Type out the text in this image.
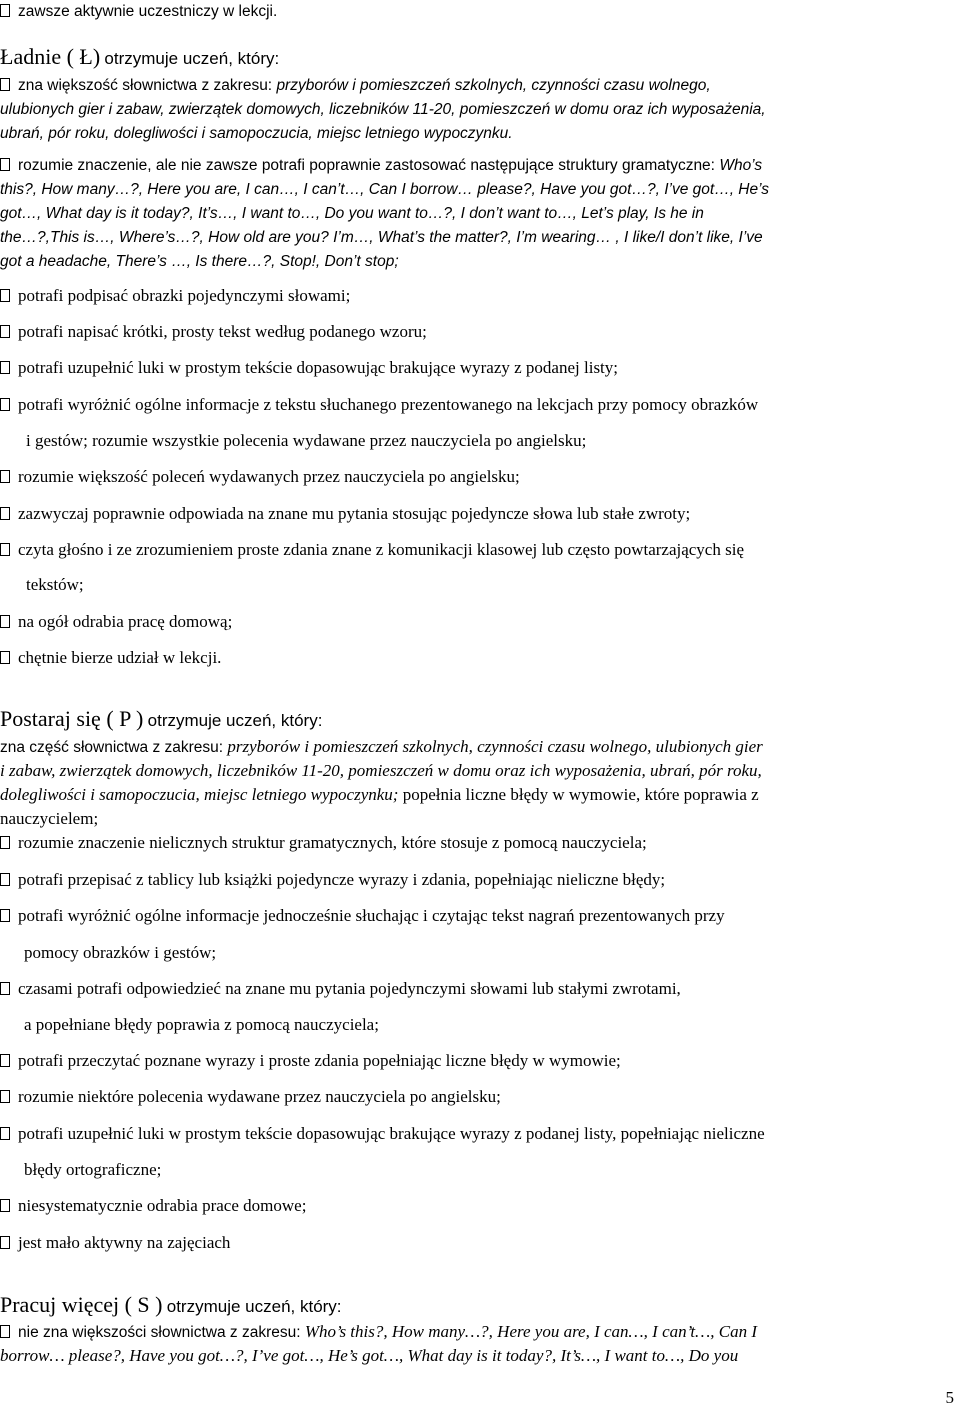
zawsze aktywnie uczestniczy w lekcji.
Ładnie ( Ł) otrzymuje uczeń, który:
zna większość słownictwa z zakresu: przyborów i pomieszczeń szkolnych, czynności czasu wolnego,
ulubionych gier i zabaw, zwierzątek domowych, liczebników 11-20, pomieszczeń w domu oraz ich wyposażenia,
ubrań, pór roku, dolegliwości i samopoczucia, miejsc letniego wypoczynku.
rozumie znaczenie, ale nie zawsze potrafi poprawnie zastosować następujące struktury gramatyczne: Who’s
this?, How many…?, Here you are, I can…, I can’t…, Can I borrow… please?, Have you got…?, I’ve got…, He’s
got…, What day is it today?, It’s…, I want to…, Do you want to…?, I don’t want to…, Let’s play, Is he in
the…?,This is…, Where’s…?, How old are you? I’m…, What’s the matter?, I’m wearing… , I like/I don’t like, I’ve
got a headache, There’s …, Is there…?, Stop!, Don’t stop;
potrafi podpisać obrazki pojedynczymi słowami;
potrafi napisać krótki, prosty tekst według podanego wzoru;
potrafi uzupełnić luki w prostym tekście dopasowując brakujące wyrazy z podanej listy;
potrafi wyróżnić ogólne informacje z tekstu słuchanego prezentowanego na lekcjach przy pomocy obrazków
i gestów; rozumie wszystkie polecenia wydawane przez nauczyciela po angielsku;
rozumie większość poleceń wydawanych przez nauczyciela po angielsku;
zazwyczaj poprawnie odpowiada na znane mu pytania stosując pojedyncze słowa lub stałe zwroty;
czyta głośno i ze zrozumieniem proste zdania znane z komunikacji klasowej lub często powtarzających się
tekstów;
na ogół odrabia pracę domową;
chętnie bierze udział w lekcji.
Postaraj się ( P ) otrzymuje uczeń, który:
zna część słownictwa z zakresu: przyborów i pomieszczeń szkolnych, czynności czasu wolnego, ulubionych gier
i zabaw, zwierzątek domowych, liczebników 11-20, pomieszczeń w domu oraz ich wyposażenia, ubrań, pór roku,
dolegliwości i samopoczucia, miejsc letniego wypoczynku; popełnia liczne błędy w wymowie, które poprawia z
nauczycielem;
rozumie znaczenie nielicznych struktur gramatycznych, które stosuje z pomocą nauczyciela;
potrafi przepisać z tablicy lub książki pojedyncze wyrazy i zdania, popełniając nieliczne błędy;
potrafi wyróżnić ogólne informacje jednocześnie słuchając i czytając tekst nagrań prezentowanych przy
pomocy obrazków i gestów;
czasami potrafi odpowiedzieć na znane mu pytania pojedynczymi słowami lub stałymi zwrotami,
a popełniane błędy poprawia z pomocą nauczyciela;
potrafi przeczytać poznane wyrazy i proste zdania popełniając liczne błędy w wymowie;
rozumie niektóre polecenia wydawane przez nauczyciela po angielsku;
potrafi uzupełnić luki w prostym tekście dopasowując brakujące wyrazy z podanej listy, popełniając nieliczne
błędy ortograficzne;
niesystematycznie odrabia prace domowe;
jest mało aktywny na zajęciach
Pracuj więcej ( S ) otrzymuje uczeń, który:
nie zna większości słownictwa z zakresu: Who’s this?, How many…?, Here you are, I can…, I can’t…, Can I
borrow… please?, Have you got…?, I’ve got…, He’s got…, What day is it today?, It’s…, I want to…, Do you
5
